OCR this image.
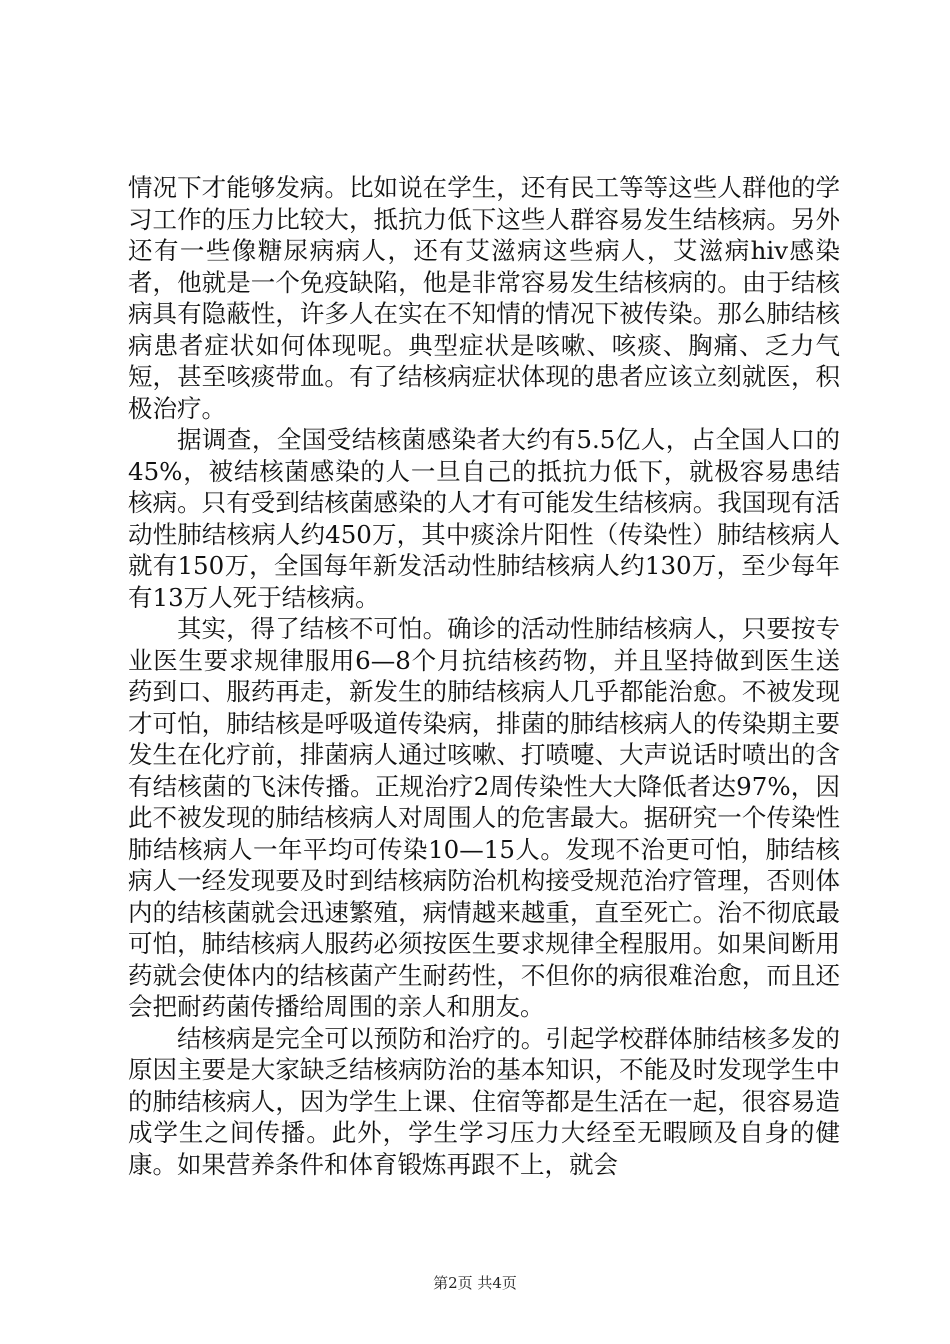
情况下才能够发病。比如说在学生，还有民工等等这些人群他的学习工作的压力比较大，抵抗力低下这些人群容易发生结核病。另外还有一些像糖尿病病人，还有艾滋病这些病人，艾滋病hiv感染者，他就是一个免疫缺陷，他是非常容易发生结核病的。由于结核病具有隐蔽性，许多人在实在不知情的情况下被传染。那么肺结核病患者症状如何体现呢。典型症状是咳嗽、咳痰、胸痛、乏力气短，甚至咳痰带血。有了结核病症状体现的患者应该立刻就医，积极治疗。

据调查，全国受结核菌感染者大约有5.5亿人，占全国人口的45%，被结核菌感染的人一旦自己的抵抗力低下，就极容易患结核病。只有受到结核菌感染的人才有可能发生结核病。我国现有活动性肺结核病人约450万，其中痰涂片阳性（传染性）肺结核病人就有150万，全国每年新发活动性肺结核病人约130万，至少每年有13万人死于结核病。

其实，得了结核不可怕。确诊的活动性肺结核病人，只要按专业医生要求规律服用6—8个月抗结核药物，并且坚持做到医生送药到口、服药再走，新发生的肺结核病人几乎都能治愈。不被发现才可怕，肺结核是呼吸道传染病，排菌的肺结核病人的传染期主要发生在化疗前，排菌病人通过咳嗽、打喷嚏、大声说话时喷出的含有结核菌的飞沫传播。正规治疗2周传染性大大降低者达97%，因此不被发现的肺结核病人对周围人的危害最大。据研究一个传染性肺结核病人一年平均可传染10—15人。发现不治更可怕，肺结核病人一经发现要及时到结核病防治机构接受规范治疗管理，否则体内的结核菌就会迅速繁殖，病情越来越重，直至死亡。治不彻底最可怕，肺结核病人服药必须按医生要求规律全程服用。如果间断用药就会使体内的结核菌产生耐药性，不但你的病很难治愈，而且还会把耐药菌传播给周围的亲人和朋友。

结核病是完全可以预防和治疗的。引起学校群体肺结核多发的原因主要是大家缺乏结核病防治的基本知识，不能及时发现学生中的肺结核病人，因为学生上课、住宿等都是生活在一起，很容易造成学生之间传播。此外，学生学习压力大经至无暇顾及自身的健康。如果营养条件和体育锻炼再跟不上，就会

第2页 共4页
